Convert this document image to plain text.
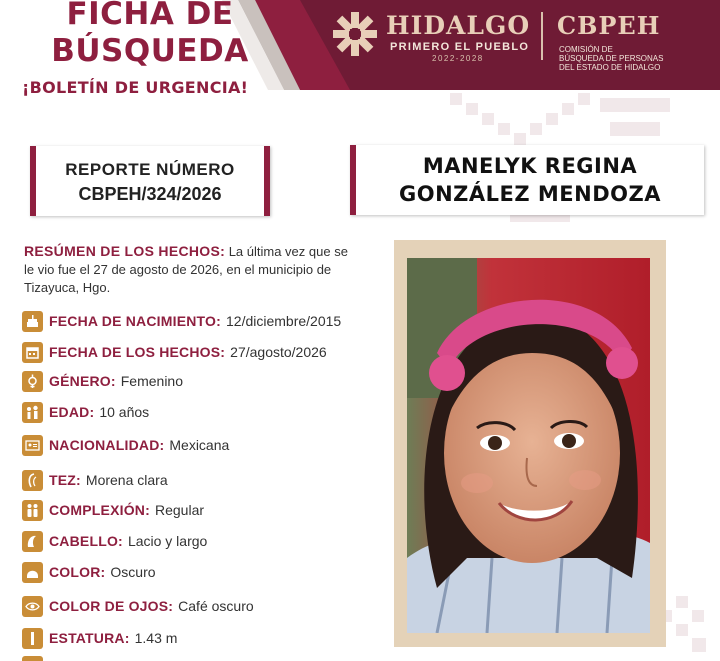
FICHA DE
BÚSQUEDA
¡BOLETÍN DE URGENCIA!
HIDALGO
PRIMERO EL PUEBLO
2022-2028
CBPEH
COMISIÓN DE
BÚSQUEDA DE PERSONAS
DEL ESTADO DE HIDALGO
REPORTE NÚMERO
CBPEH/324/2026
MANELYK REGINA
GONZÁLEZ MENDOZA
RESÚMEN DE LOS HECHOS: La última vez que se le vio fue el 27 de agosto de 2026, en el municipio de Tizayuca, Hgo.
FECHA DE NACIMIENTO: 12/diciembre/2015
FECHA DE LOS HECHOS: 27/agosto/2026
GÉNERO: Femenino
EDAD: 10 años
NACIONALIDAD: Mexicana
TEZ: Morena clara
COMPLEXIÓN: Regular
CABELLO: Lacio y largo
COLOR: Oscuro
COLOR DE OJOS: Café oscuro
ESTATURA: 1.43 m
